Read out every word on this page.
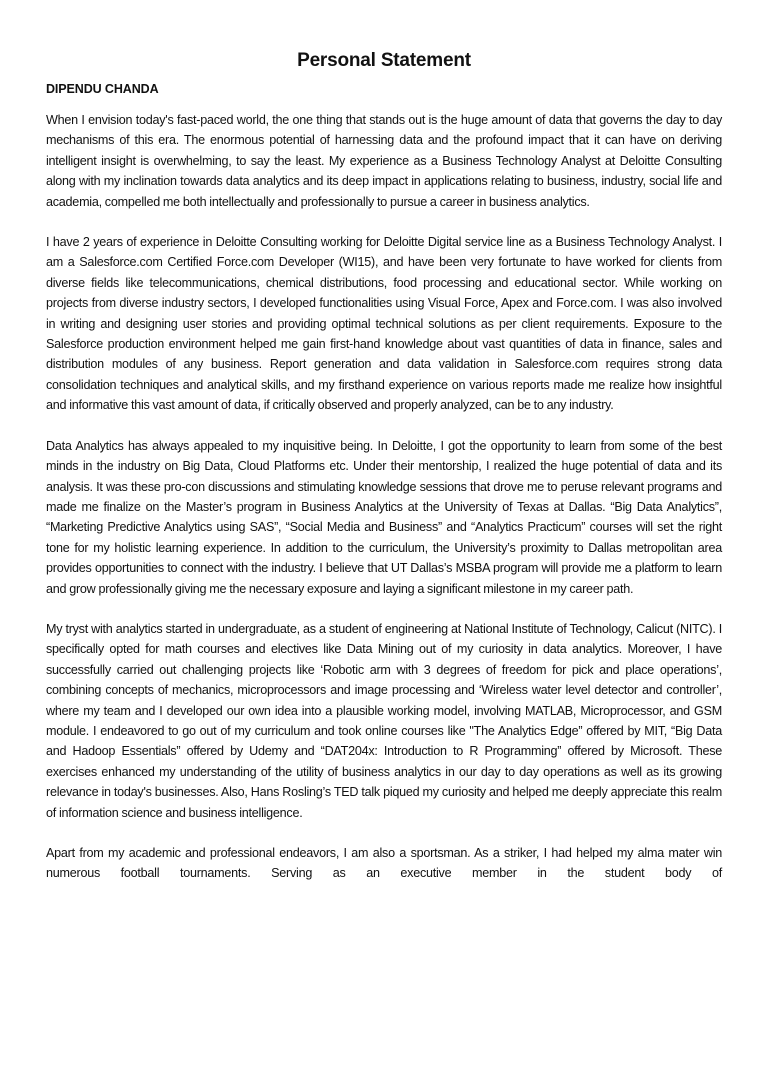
Personal Statement
DIPENDU CHANDA

When I envision today's fast-paced world, the one thing that stands out is the huge amount of data that governs the day to day mechanisms of this era. The enormous potential of harnessing data and the profound impact that it can have on deriving intelligent insight is overwhelming, to say the least. My experience as a Business Technology Analyst at Deloitte Consulting along with my inclination towards data analytics and its deep impact in applications relating to business, industry, social life and academia, compelled me both intellectually and professionally to pursue a career in business analytics.

I have 2 years of experience in Deloitte Consulting working for Deloitte Digital service line as a Business Technology Analyst. I am a Salesforce.com Certified Force.com Developer (WI15), and have been very fortunate to have worked for clients from diverse fields like telecommunications, chemical distributions, food processing and educational sector. While working on projects from diverse industry sectors, I developed functionalities using Visual Force, Apex and Force.com. I was also involved in writing and designing user stories and providing optimal technical solutions as per client requirements. Exposure to the Salesforce production environment helped me gain first-hand knowledge about vast quantities of data in finance, sales and distribution modules of any business. Report generation and data validation in Salesforce.com requires strong data consolidation techniques and analytical skills, and my firsthand experience on various reports made me realize how insightful and informative this vast amount of data, if critically observed and properly analyzed, can be to any industry.

Data Analytics has always appealed to my inquisitive being. In Deloitte, I got the opportunity to learn from some of the best minds in the industry on Big Data, Cloud Platforms etc. Under their mentorship, I realized the huge potential of data and its analysis. It was these pro-con discussions and stimulating knowledge sessions that drove me to peruse relevant programs and made me finalize on the Master’s program in Business Analytics at the University of Texas at Dallas. “Big Data Analytics”, “Marketing Predictive Analytics using SAS”, “Social Media and Business” and “Analytics Practicum” courses will set the right tone for my holistic learning experience. In addition to the curriculum, the University’s proximity to Dallas metropolitan area provides opportunities to connect with the industry. I believe that UT Dallas’s MSBA program will provide me a platform to learn and grow professionally giving me the necessary exposure and laying a significant milestone in my career path.

My tryst with analytics started in undergraduate, as a student of engineering at National Institute of Technology, Calicut (NITC). I specifically opted for math courses and electives like Data Mining out of my curiosity in data analytics. Moreover, I have successfully carried out challenging projects like ‘Robotic arm with 3 degrees of freedom for pick and place operations’, combining concepts of mechanics, microprocessors and image processing and ‘Wireless water level detector and controller’, where my team and I developed our own idea into a plausible working model, involving MATLAB, Microprocessor, and GSM module. I endeavored to go out of my curriculum and took online courses like "The Analytics Edge” offered by MIT, “Big Data and Hadoop Essentials” offered by Udemy and “DAT204x: Introduction to R Programming” offered by Microsoft. These exercises enhanced my understanding of the utility of business analytics in our day to day operations as well as its growing relevance in today's businesses. Also, Hans Rosling’s TED talk piqued my curiosity and helped me deeply appreciate this realm of information science and business intelligence.

Apart from my academic and professional endeavors, I am also a sportsman. As a striker, I had helped my alma mater win numerous football tournaments. Serving as an executive member in the student body of
